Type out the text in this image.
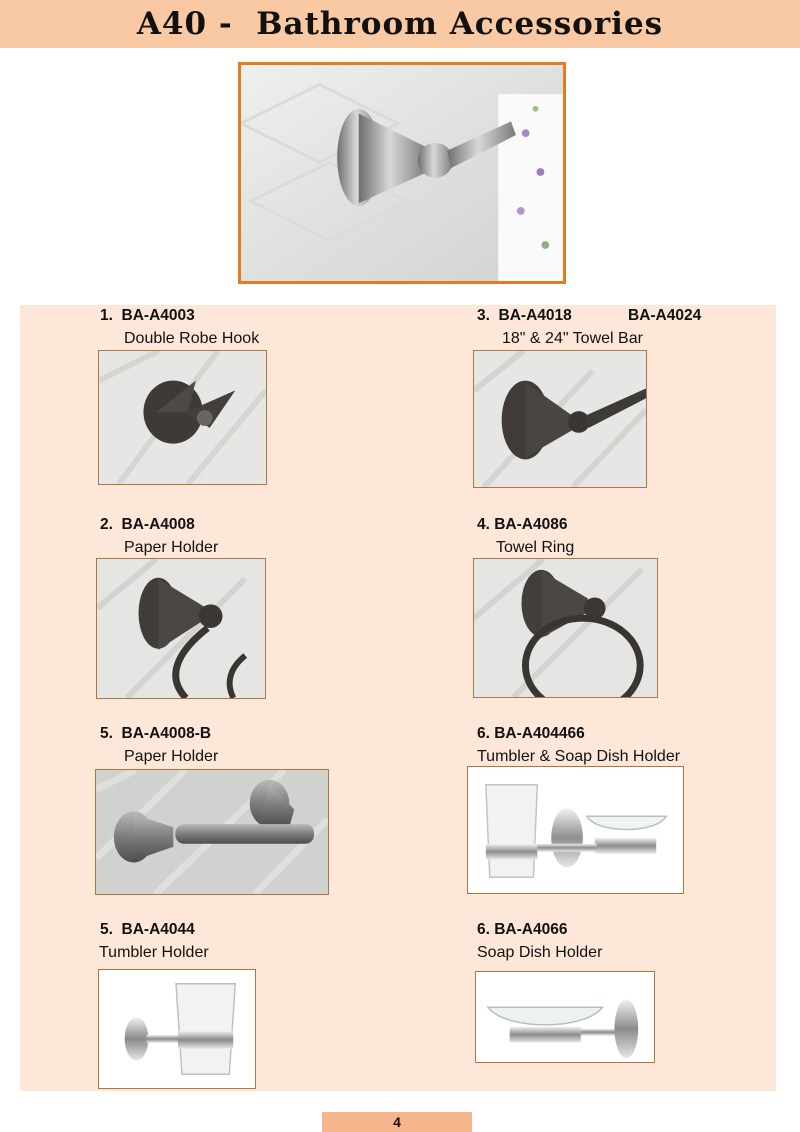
A40 -  Bathroom Accessories
1.  BA-A4003
Double Robe Hook
3.  BA-A4018	BA-A4024
18" & 24" Towel Bar
2.  BA-A4008
Paper Holder
4. BA-A4086
Towel Ring
5.  BA-A4008-B
Paper Holder
6. BA-A404466
Tumbler & Soap Dish Holder
5.  BA-A4044
Tumbler Holder
6. BA-A4066
Soap Dish Holder
4
